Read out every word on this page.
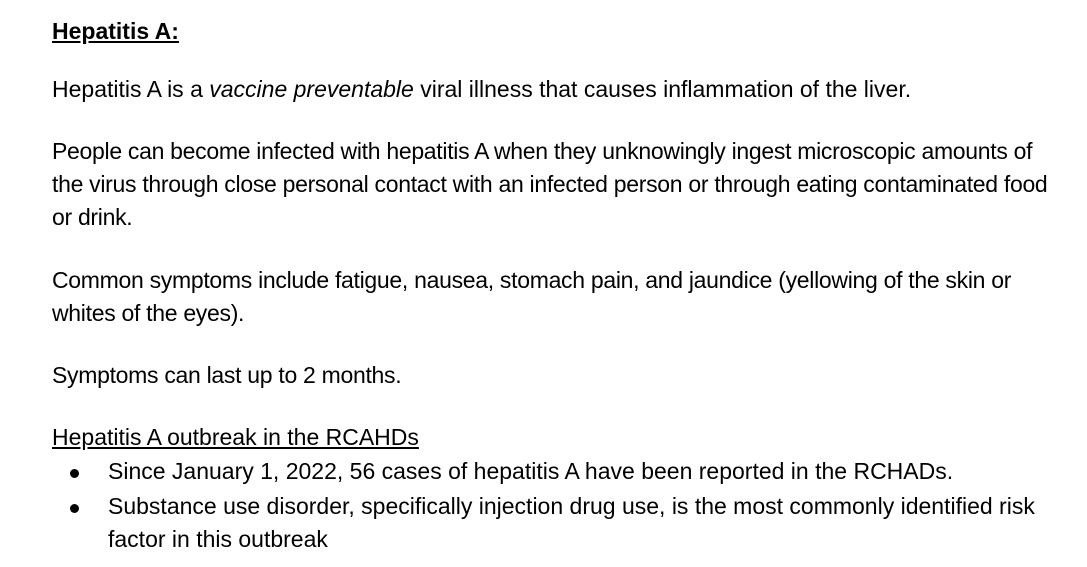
Hepatitis A:

Hepatitis A is a vaccine preventable viral illness that causes inflammation of the liver.

People can become infected with hepatitis A when they unknowingly ingest microscopic amounts of the virus through close personal contact with an infected person or through eating contaminated food or drink.

Common symptoms include fatigue, nausea, stomach pain, and jaundice (yellowing of the skin or whites of the eyes).

Symptoms can last up to 2 months.

Hepatitis A outbreak in the RCAHDs
Since January 1, 2022, 56 cases of hepatitis A have been reported in the RCHADs.
Substance use disorder, specifically injection drug use, is the most commonly identified risk factor in this outbreak
